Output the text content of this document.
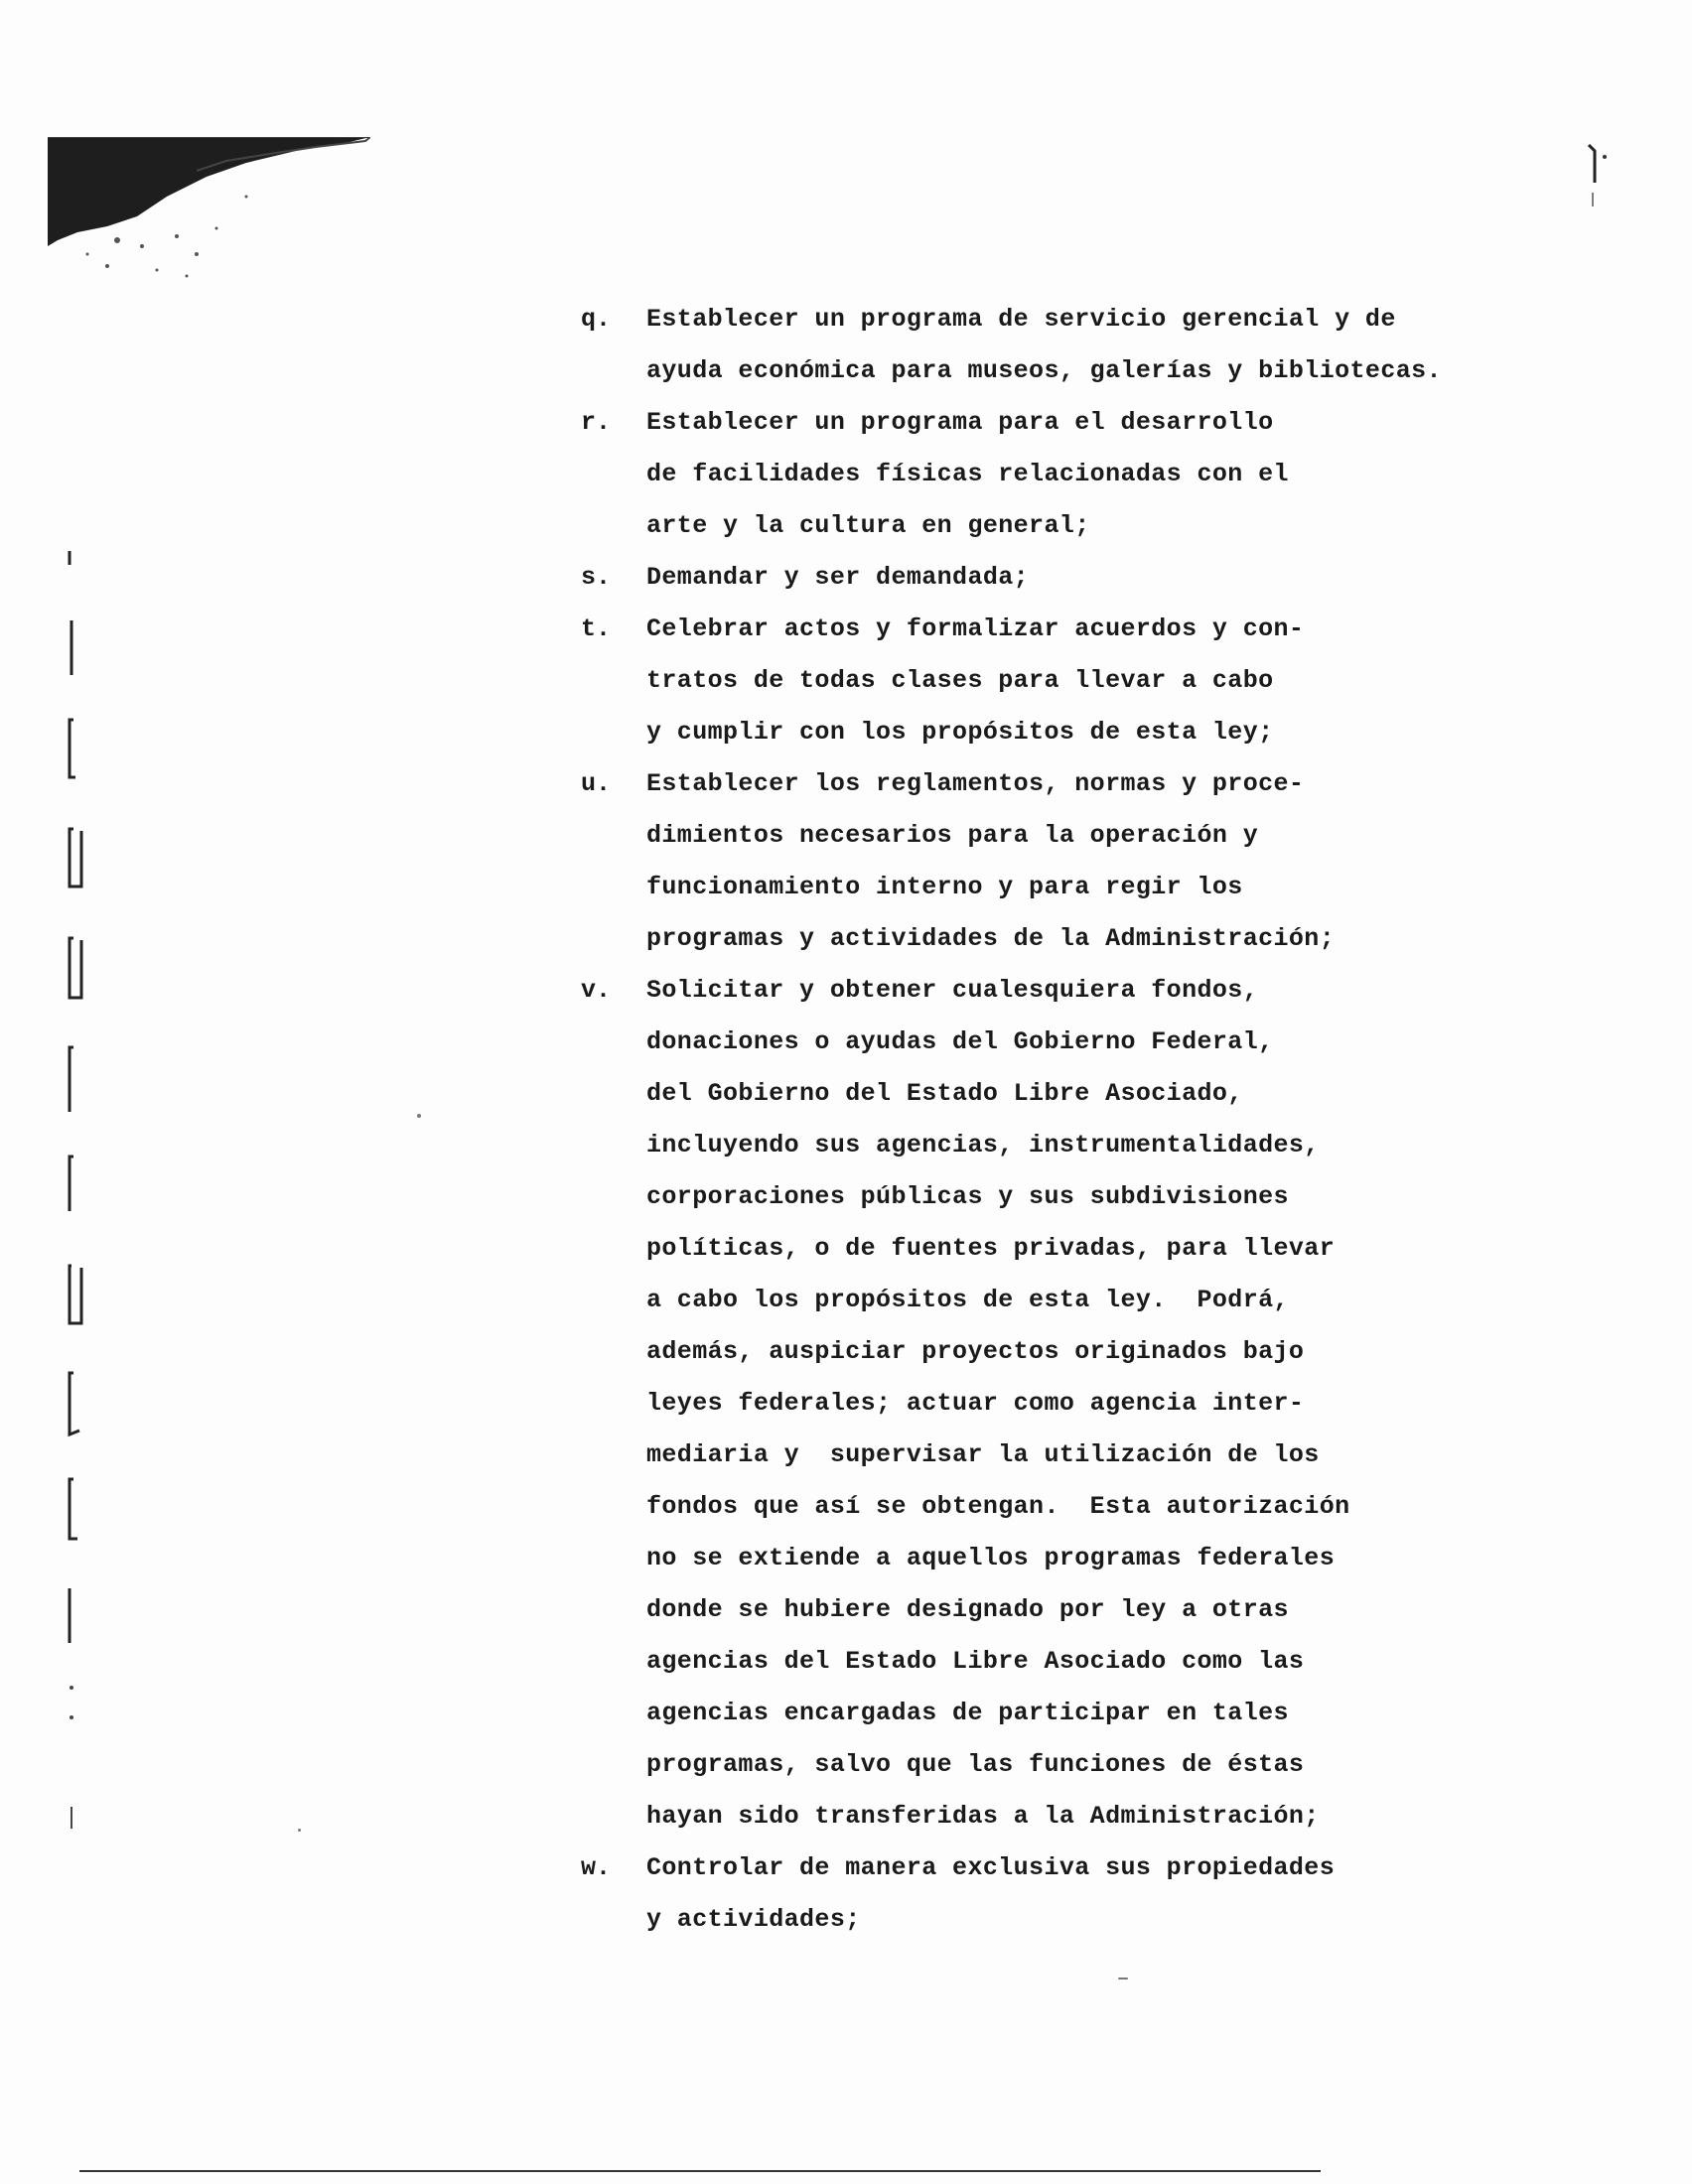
q.	Establecer un programa de servicio gerencial y de
ayuda económica para museos, galerías y bibliotecas.
r.	Establecer un programa para el desarrollo
de facilidades físicas relacionadas con el
arte y la cultura en general;
s.	Demandar y ser demandada;
t.	Celebrar actos y formalizar acuerdos y con-
tratos de todas clases para llevar a cabo
y cumplir con los propósitos de esta ley;
u.	Establecer los reglamentos, normas y proce-
dimientos necesarios para la operación y
funcionamiento interno y para regir los
programas y actividades de la Administración;
v.	Solicitar y obtener cualesquiera fondos,
donaciones o ayudas del Gobierno Federal,
del Gobierno del Estado Libre Asociado,
incluyendo sus agencias, instrumentalidades,
corporaciones públicas y sus subdivisiones
políticas, o de fuentes privadas, para llevar
a cabo los propósitos de esta ley.  Podrá,
además, auspiciar proyectos originados bajo
leyes federales; actuar como agencia inter-
mediaria y  supervisar la utilización de los
fondos que así se obtengan.  Esta autorización
no se extiende a aquellos programas federales
donde se hubiere designado por ley a otras
agencias del Estado Libre Asociado como las
agencias encargadas de participar en tales
programas, salvo que las funciones de éstas
hayan sido transferidas a la Administración;
w.	Controlar de manera exclusiva sus propiedades
y actividades;
